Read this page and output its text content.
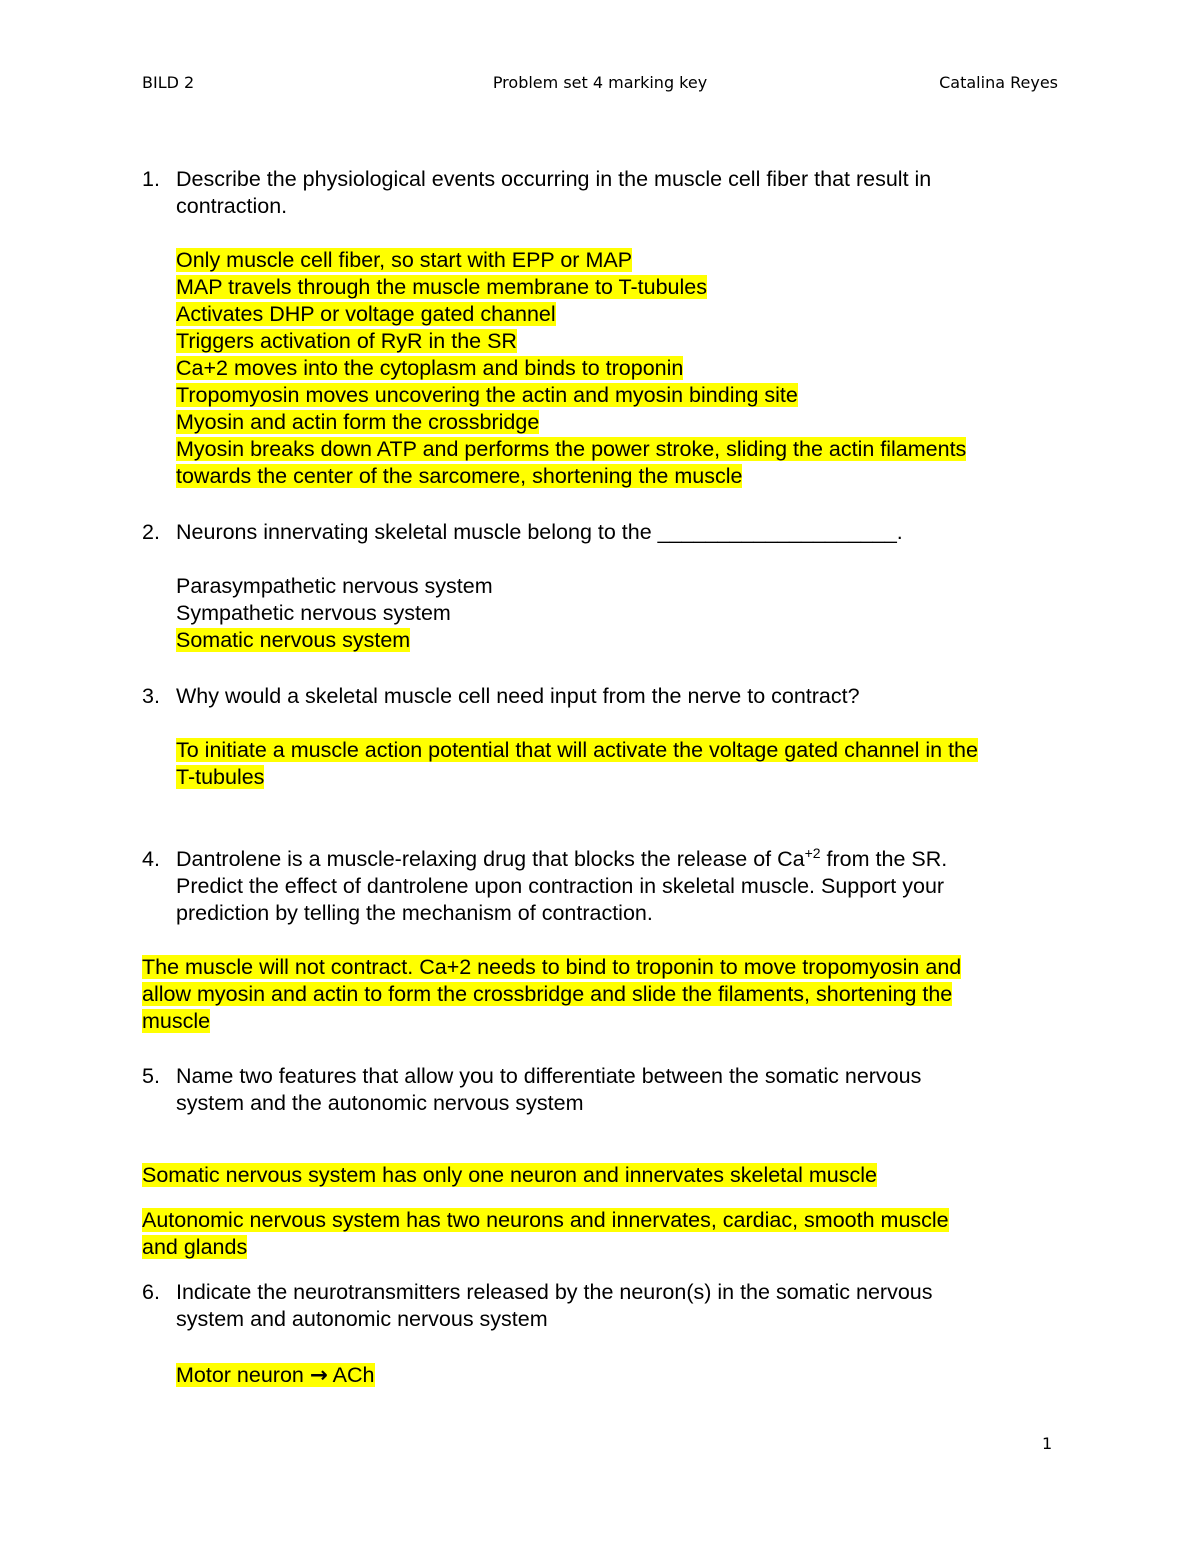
BILD 2	Problem set 4 marking key	Catalina Reyes
1. Describe the physiological events occurring in the muscle cell fiber that result in
contraction.
Only muscle cell fiber, so start with EPP or MAP
MAP travels through the muscle membrane to T-tubules
Activates DHP or voltage gated channel
Triggers activation of RyR in the SR
Ca+2 moves into the cytoplasm and binds to troponin
Tropomyosin moves uncovering the actin and myosin binding site
Myosin and actin form the crossbridge
Myosin breaks down ATP and performs the power stroke, sliding the actin filaments
towards the center of the sarcomere, shortening the muscle
2. Neurons innervating skeletal muscle belong to the ____________________.
Parasympathetic nervous system
Sympathetic nervous system
Somatic nervous system
3. Why would a skeletal muscle cell need input from the nerve to contract?
To initiate a muscle action potential that will activate the voltage gated channel in the
T-tubules
4. Dantrolene is a muscle-relaxing drug that blocks the release of $Ca^{+2}$ from the SR.
Predict the effect of dantrolene upon contraction in skeletal muscle. Support your
prediction by telling the mechanism of contraction.
The muscle will not contract. Ca+2 needs to bind to troponin to move tropomyosin and
allow myosin and actin to form the crossbridge and slide the filaments, shortening the
muscle
5. Name two features that allow you to differentiate between the somatic nervous
system and the autonomic nervous system
Somatic nervous system has only one neuron and innervates skeletal muscle
Autonomic nervous system has two neurons and innervates, cardiac, smooth muscle
and glands
6. Indicate the neurotransmitters released by the neuron(s) in the somatic nervous
system and autonomic nervous system
Motor neuron → ACh
1
